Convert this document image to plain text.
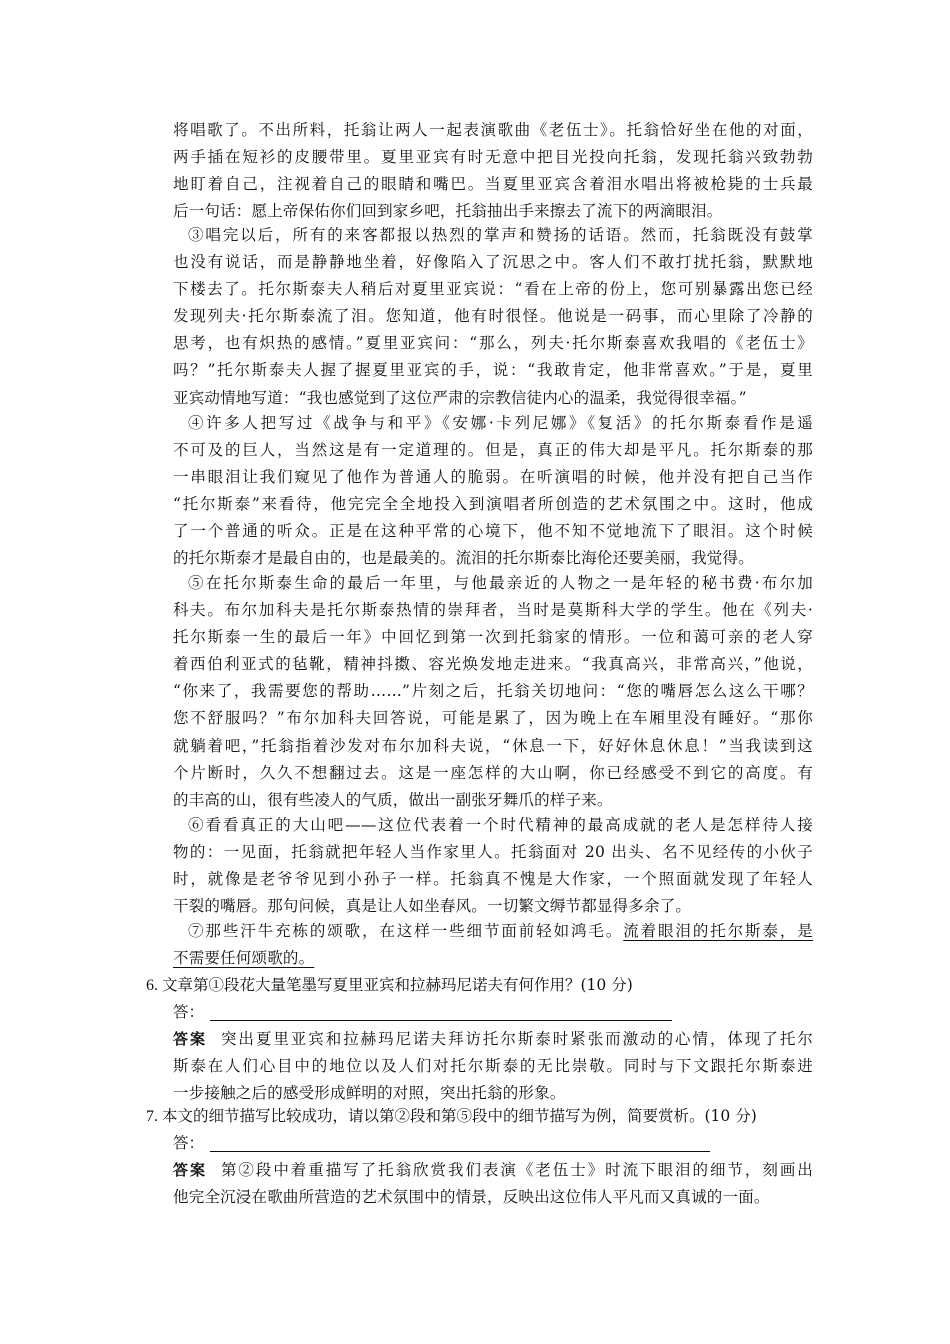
将唱歌了。不出所料，托翁让两人一起表演歌曲《老伍士》。托翁恰好坐在他的对面，
两手插在短衫的皮腰带里。夏里亚宾有时无意中把目光投向托翁，发现托翁兴致勃勃
地盯着自己，注视着自己的眼睛和嘴巴。当夏里亚宾含着泪水唱出将被枪毙的士兵最
后一句话：愿上帝保佑你们回到家乡吧，托翁抽出手来擦去了流下的两滴眼泪。
③唱完以后，所有的来客都报以热烈的掌声和赞扬的话语。然而，托翁既没有鼓掌
也没有说话，而是静静地坐着，好像陷入了沉思之中。客人们不敢打扰托翁，默默地
下楼去了。托尔斯泰夫人稍后对夏里亚宾说：“看在上帝的份上，您可别暴露出您已经
发现列夫·托尔斯泰流了泪。您知道，他有时很怪。他说是一码事，而心里除了冷静的
思考，也有炽热的感情。”夏里亚宾问：“那么，列夫·托尔斯泰喜欢我唱的《老伍士》
吗？”托尔斯泰夫人握了握夏里亚宾的手，说：“我敢肯定，他非常喜欢。”于是，夏里
亚宾动情地写道：“我也感觉到了这位严肃的宗教信徒内心的温柔，我觉得很幸福。”
④许多人把写过《战争与和平》《安娜·卡列尼娜》《复活》的托尔斯泰看作是遥
不可及的巨人，当然这是有一定道理的。但是，真正的伟大却是平凡。托尔斯泰的那
一串眼泪让我们窥见了他作为普通人的脆弱。在听演唱的时候，他并没有把自己当作
“托尔斯泰”来看待，他完完全全地投入到演唱者所创造的艺术氛围之中。这时，他成
了一个普通的听众。正是在这种平常的心境下，他不知不觉地流下了眼泪。这个时候
的托尔斯泰才是最自由的，也是最美的。流泪的托尔斯泰比海伦还要美丽，我觉得。
⑤在托尔斯泰生命的最后一年里，与他最亲近的人物之一是年轻的秘书费·布尔加
科夫。布尔加科夫是托尔斯泰热情的崇拜者，当时是莫斯科大学的学生。他在《列夫·
托尔斯泰一生的最后一年》中回忆到第一次到托翁家的情形。一位和蔼可亲的老人穿
着西伯利亚式的毡靴，精神抖擞、容光焕发地走进来。“我真高兴，非常高兴，”他说，
“你来了，我需要您的帮助……”片刻之后，托翁关切地问：“您的嘴唇怎么这么干哪？
您不舒服吗？”布尔加科夫回答说，可能是累了，因为晚上在车厢里没有睡好。“那你
就躺着吧，”托翁指着沙发对布尔加科夫说，“休息一下，好好休息休息！”当我读到这
个片断时，久久不想翻过去。这是一座怎样的大山啊，你已经感受不到它的高度。有
的丰高的山，很有些凌人的气质，做出一副张牙舞爪的样子来。
⑥看看真正的大山吧——这位代表着一个时代精神的最高成就的老人是怎样待人接
物的：一见面，托翁就把年轻人当作家里人。托翁面对 20 出头、名不见经传的小伙子
时，就像是老爷爷见到小孙子一样。托翁真不愧是大作家，一个照面就发现了年轻人
干裂的嘴唇。那句问候，真是让人如坐春风。一切繁文缛节都显得多余了。
⑦那些汗牛充栋的颂歌，在这样一些细节面前轻如鸿毛。流着眼泪的托尔斯泰，是
不需要任何颂歌的。
6. 文章第①段花大量笔墨写夏里亚宾和拉赫玛尼诺夫有何作用？(10 分)
答：
答案 突出夏里亚宾和拉赫玛尼诺夫拜访托尔斯泰时紧张而激动的心情，体现了托尔
斯泰在人们心目中的地位以及人们对托尔斯泰的无比崇敬。同时与下文跟托尔斯泰进
一步接触之后的感受形成鲜明的对照，突出托翁的形象。
7. 本文的细节描写比较成功，请以第②段和第⑤段中的细节描写为例，简要赏析。(10 分)
答：
答案 第②段中着重描写了托翁欣赏我们表演《老伍士》时流下眼泪的细节，刻画出
他完全沉浸在歌曲所营造的艺术氛围中的情景，反映出这位伟人平凡而又真诚的一面。
